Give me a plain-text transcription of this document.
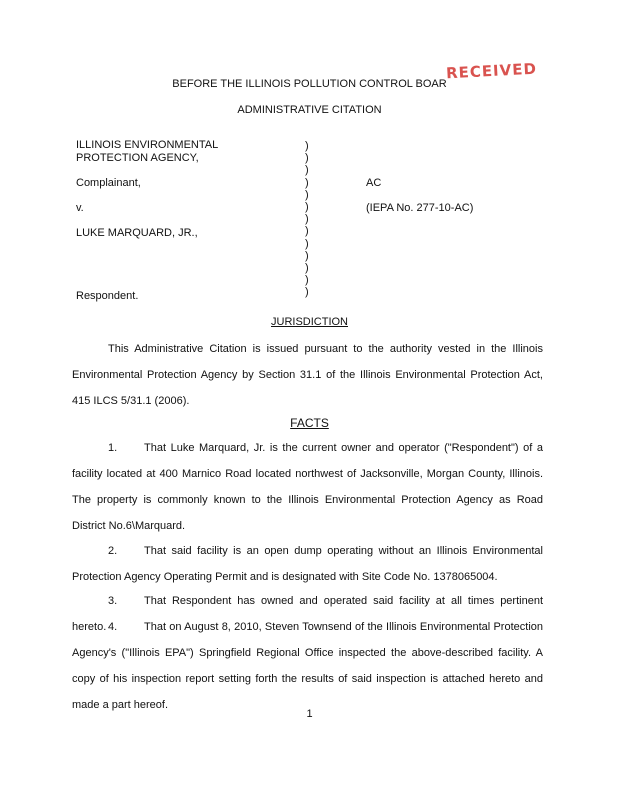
RECEIVED
BEFORE THE ILLINOIS POLLUTION CONTROL BOAR
ADMINISTRATIVE CITATION
ILLINOIS ENVIRONMENTAL
PROTECTION AGENCY,
Complainant,
v.
LUKE MARQUARD, JR.,
Respondent.
)
)
)
)
)
)
)
)
)
)
)
)
)
AC
(IEPA No. 277-10-AC)
JURISDICTION
This Administrative Citation is issued pursuant to the authority vested in the Illinois Environmental Protection Agency by Section 31.1 of the Illinois Environmental Protection Act, 415 ILCS 5/31.1 (2006).
FACTS
1. That Luke Marquard, Jr. is the current owner and operator ("Respondent") of a facility located at 400 Marnico Road located northwest of Jacksonville, Morgan County, Illinois. The property is commonly known to the Illinois Environmental Protection Agency as Road District No.6\Marquard.
2. That said facility is an open dump operating without an Illinois Environmental Protection Agency Operating Permit and is designated with Site Code No. 1378065004.
3. That Respondent has owned and operated said facility at all times pertinent hereto. 4. That on August 8, 2010, Steven Townsend of the Illinois Environmental Protection Agency's ("Illinois EPA") Springfield Regional Office inspected the above-described facility. A copy of his inspection report setting forth the results of said inspection is attached hereto and made a part hereof.
1
